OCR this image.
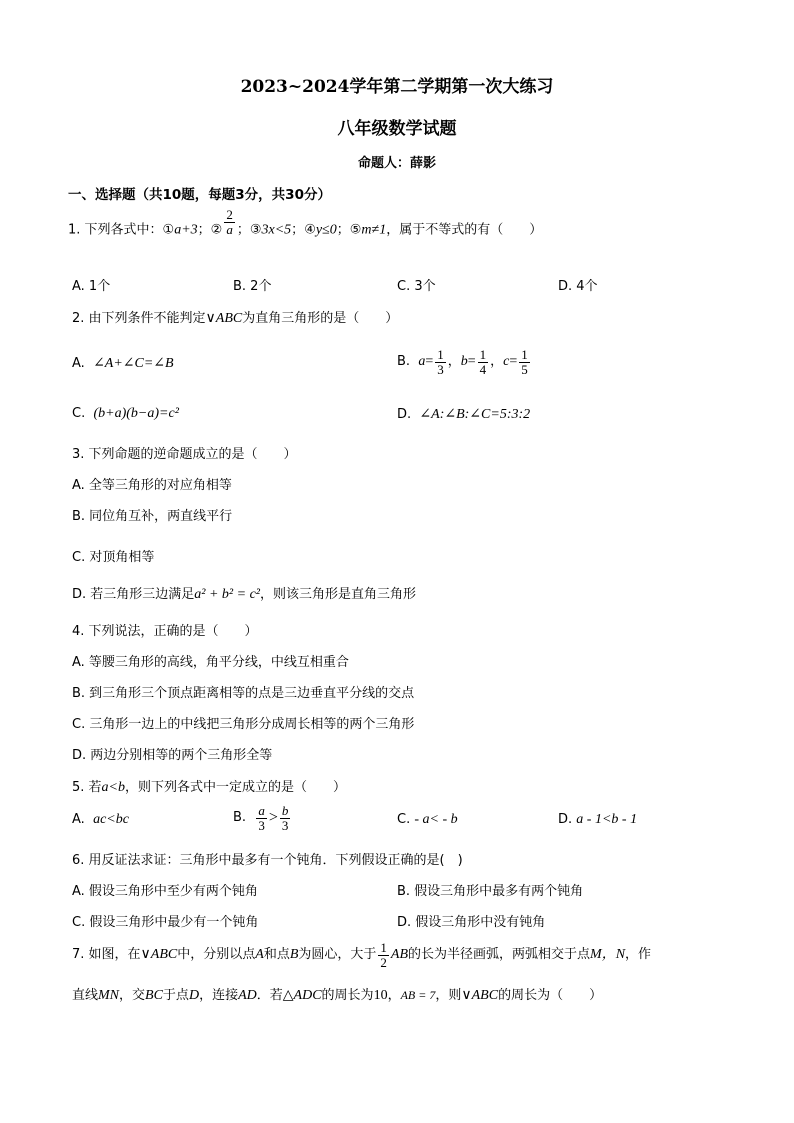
2023~2024学年第二学期第一次大练习
八年级数学试题
命题人：薛影
一、选择题（共10题，每题3分，共30分）
1. 下列各式中：①a+3；② $\frac{2}{a}$ ；③3x<5；④y≤0；⑤m≠1，属于不等式的有（　　）
A. 1个	B. 2个	C. 3个	D. 4个
2. 由下列条件不能判定∨ABC为直角三角形的是（　　）
A. ∠A+∠C=∠B	B. $a= \frac{1}{3}$ ，$b= \frac{1}{4}$ ，$c= \frac{1}{5}$
C. (b+a)(b−a)=c²	D. ∠A:∠B:∠C=5:3:2
3. 下列命题的逆命题成立的是（　　）
A. 全等三角形的对应角相等
B. 同位角互补，两直线平行
C. 对顶角相等
D. 若三角形三边满足a² + b² = c²，则该三角形是直角三角形
4. 下列说法，正确的是（　　）
A. 等腰三角形的高线，角平分线，中线互相重合
B. 到三角形三个顶点距离相等的点是三边垂直平分线的交点
C. 三角形一边上的中线把三角形分成周长相等的两个三角形
D. 两边分别相等的两个三角形全等
5. 若a<b，则下列各式中一定成立的是（　　）
A. ac<bc	B. $\frac{a}{3} > \frac{b}{3}$	C. - a< - b	D. a - 1<b - 1
6. 用反证法求证：三角形中最多有一个钝角．下列假设正确的是(　)
A. 假设三角形中至少有两个钝角	B. 假设三角形中最多有两个钝角
C. 假设三角形中最少有一个钝角	D. 假设三角形中没有钝角
7. 如图，在∨ABC中，分别以点A和点B为圆心，大于 $\frac{1}{2}$ AB的长为半径画弧，两弧相交于点M，N，作
直线MN，交BC于点D，连接AD．若△ADC的周长为10，AB = 7，则∨ABC的周长为（　　）
